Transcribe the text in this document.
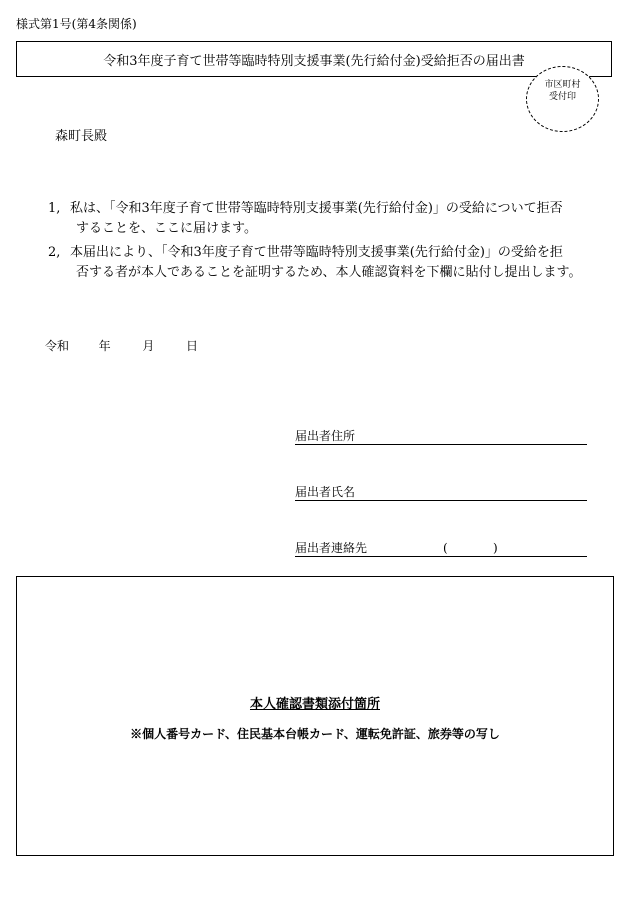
様式第1号(第4条関係)
令和3年度子育て世帯等臨時特別支援事業(先行給付金)受給拒否の届出書
市区町村
受付印
森町長殿
1, 私は、「令和3年度子育て世帯等臨時特別支援事業(先行給付金)」の受給について拒否
することを、ここに届けます。
2, 本届出により、「令和3年度子育て世帯等臨時特別支援事業(先行給付金)」の受給を拒
否する者が本人であることを証明するため、本人確認資料を下欄に貼付し提出します。
令和 年	月	日
届出者住所
届出者氏名
届出者連絡先	(	)
本人確認書類添付箇所
※個人番号カード、住民基本台帳カード、運転免許証、旅券等の写し
